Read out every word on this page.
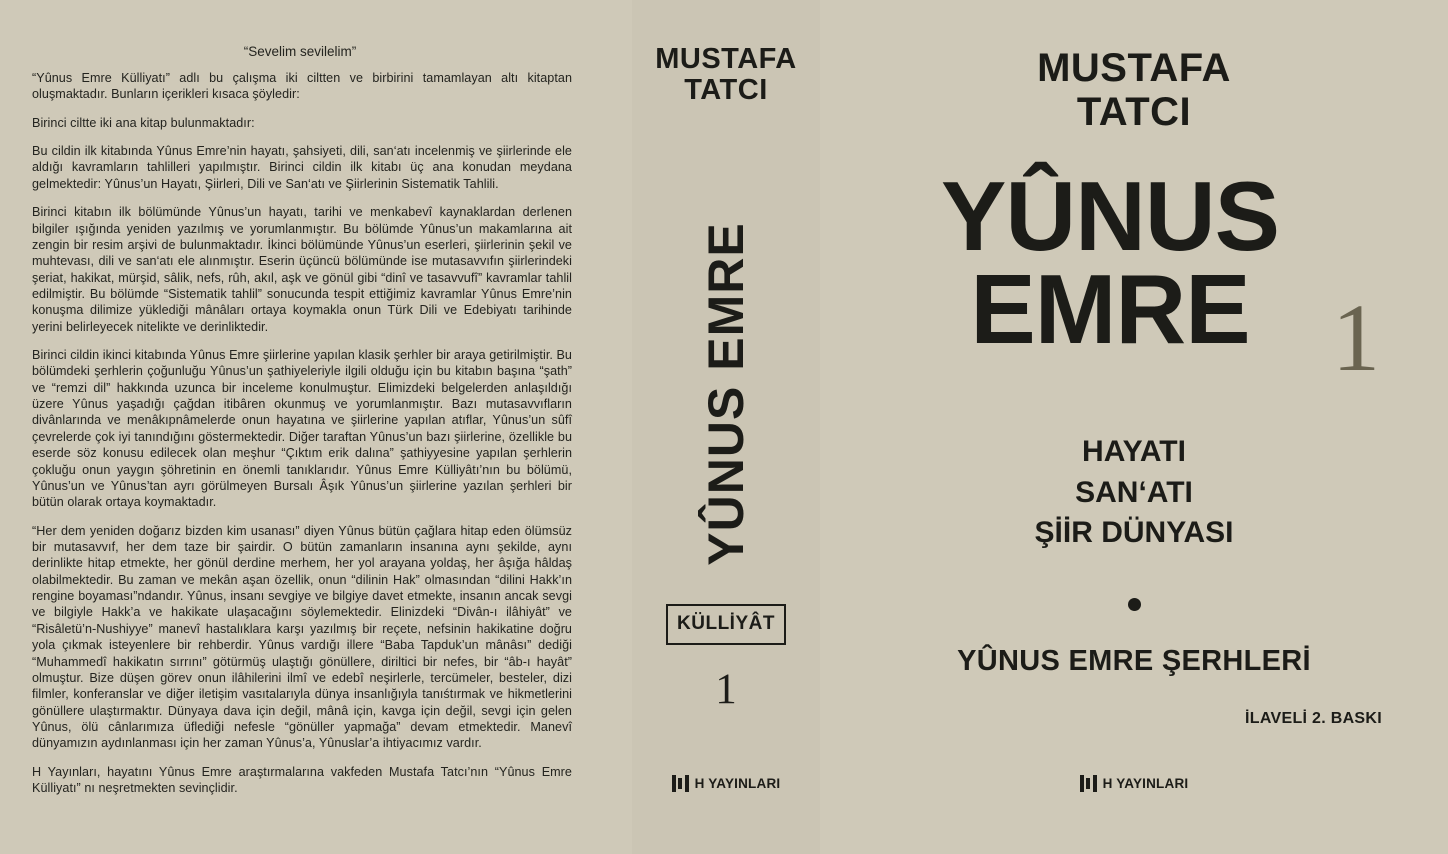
“Sevelim sevilelim”

“Yûnus Emre Külliyatı” adlı bu çalışma iki ciltten ve birbirini tamamlayan altı kitaptan oluşmaktadır. Bunların içerikleri kısaca şöyledir:

Birinci ciltte iki ana kitap bulunmaktadır:

Bu cildin ilk kitabında Yûnus Emre’nin hayatı, şahsiyeti, dili, san‘atı incelenmiş ve şiirlerinde ele aldığı kavramların tahlilleri yapılmıştır. Birinci cildin ilk kitabı üç ana konudan meydana gelmektedir: Yûnus’un Hayatı, Şiirleri, Dili ve San‘atı ve Şiirlerinin Sistematik Tahlili.

Birinci kitabın ilk bölümünde Yûnus’un hayatı, tarihi ve menkabevî kaynaklardan derlenen bilgiler ışığında yeniden yazılmış ve yorumlanmıştır. Bu bölümde Yûnus’un makamlarına ait zengin bir resim arşivi de bulunmaktadır. İkinci bölümünde Yûnus’un eserleri, şiirlerinin şekil ve muhtevası, dili ve san‘atı ele alınmıştır. Eserin üçüncü bölümünde ise mutasavvıfın şiirlerindeki şeriat, hakikat, mürşid, sâlik, nefs, rûh, akıl, aşk ve gönül gibi “dinî ve tasavvufî” kavramlar tahlil edilmiştir. Bu bölümde “Sistematik tahlil” sonucunda tespit ettiğimiz kavramlar Yûnus Emre’nin konuşma dilimize yüklediği mânâları ortaya koymakla onun Türk Dili ve Edebiyatı tarihinde yerini belirleyecek nitelikte ve derinliktedir.

Birinci cildin ikinci kitabında Yûnus Emre şiirlerine yapılan klasik şerhler bir araya getirilmiştir. Bu bölümdeki şerhlerin çoğunluğu Yûnus’un şathiyeleriyle ilgili olduğu için bu kitabın başına “şath” ve “remzi dil” hakkında uzunca bir inceleme konulmuştur. Elimizdeki belgelerden anlaşıldığı üzere Yûnus yaşadığı çağdan itibâren okunmuş ve yorumlanmıştır. Bazı mutasavvıfların divânlarında ve menâkıpnâmelerde onun hayatına ve şiirlerine yapılan atıflar, Yûnus’un sûfî çevrelerde çok iyi tanındığını göstermektedir. Diğer taraftan Yûnus’un bazı şiirlerine, özellikle bu eserde söz konusu edilecek olan meşhur “Çıktım erik dalına” şathiyyesine yapılan şerhlerin çokluğu onun yaygın şöhretinin en önemli tanıklarıdır. Yûnus Emre Külliyâtı’nın bu bölümü, Yûnus’un ve Yûnus’tan ayrı görülmeyen Bursalı Âşık Yûnus’un şiirlerine yazılan şerhleri bir bütün olarak ortaya koymaktadır.

“Her dem yeniden doğarız bizden kim usanası” diyen Yûnus bütün çağlara hitap eden ölümsüz bir mutasavvıf, her dem taze bir şairdir. O bütün zamanların insanına aynı şekilde, aynı derinlikte hitap etmekte, her gönül derdine merhem, her yol arayana yoldaş, her âşığa hâldaş olabilmektedir. Bu zaman ve mekân aşan özellik, onun “dilinin Hak” olmasından “dilini Hakk’ın rengine boyaması”ndandır. Yûnus, insanı sevgiye ve bilgiye davet etmekte, insanın ancak sevgi ve bilgiyle Hakk’a ve hakikate ulaşacağını söylemektedir. Elinizdeki “Divân-ı ilâhiyât” ve “Risâletü’n-Nushiyye” manevî hastalıklara karşı yazılmış bir reçete, nefsinin hakikatine doğru yola çıkmak isteyenlere bir rehberdir. Yûnus vardığı illere “Baba Tapduk’un mânâsı” dediği “Muhammedî hakikatın sırrını” götürmüş ulaştığı gönüllere, diriltici bir nefes, bir “âb-ı hayât” olmuştur. Bize düşen görev onun ilâhilerini ilmî ve edebî neşirlerle, tercümeler, besteler, dizi filmler, konferanslar ve diğer iletişim vasıtalarıyla dünya insanlığıyla tanıśtırmak ve hikmetlerini gönüllere ulaştırmaktır. Dünyaya dava için değil, mânâ için, kavga için değil, sevgi için gelen Yûnus, ölü cânlarımıza üflediği nefesle “gönüller yapmağa” devam etmektedir. Manevî dünyamızın aydınlanması için her zaman Yûnus’a, Yûnuslar’a ihtiyacımız vardır.

H Yayınları, hayatını Yûnus Emre araştırmalarına vakfeden Mustafa Tatcı’nın “Yûnus Emre Külliyatı” nı neşretmekten sevinçlidir.

MUSTAFA
TATCI
YÛNUS EMRE
KÜLLİYÂT
1
H YAYINLARI
MUSTAFA
TATCI
YÛNUS
EMRE 1
HAYATI
SAN‘ATI
ŞİİR DÜNYASI
YÛNUS EMRE ŞERHLERİ
İLAVELİ 2. BASKI
H YAYINLARI
